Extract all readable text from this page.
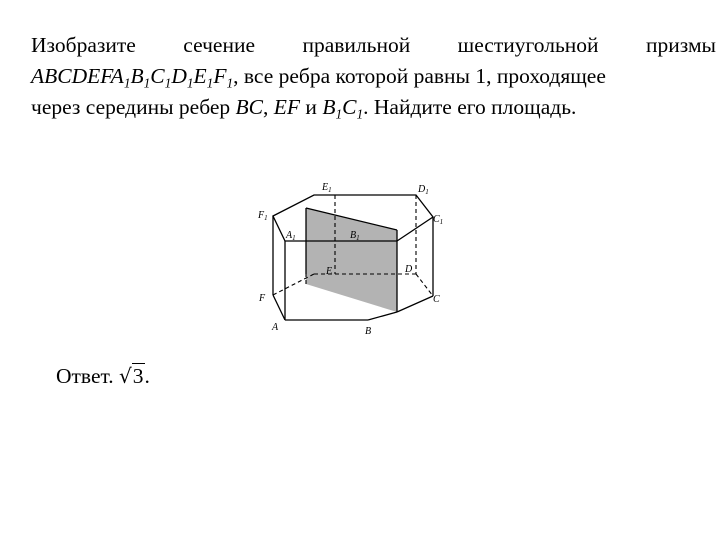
Изобразите сечение правильной шестиугольной призмы
$ABCDEFA_1B_1C_1D_1E_1F_1$, все ребра которой равны 1, проходящее
через середины ребер BC, EF и $B_1C_1$. Найдите его площадь.
$E_1$	$D_1$
$F_1$	$C_1$
$A_1$	$B_1$
E	D
F	C
A	B
Ответ. √3.
